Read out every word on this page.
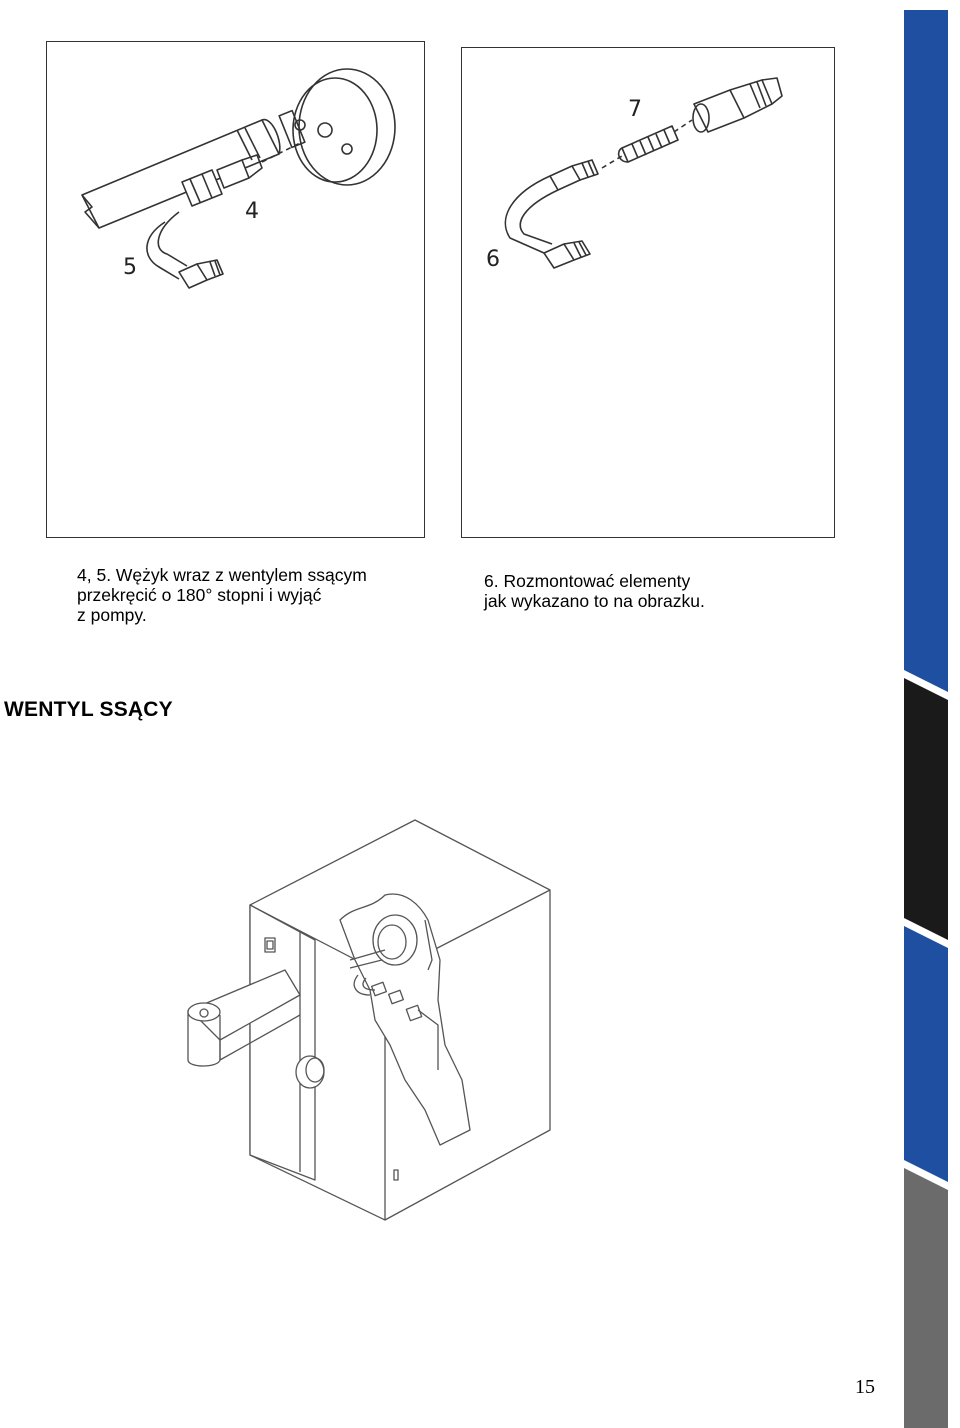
4
5
7
6

4, 5. Wężyk wraz z wentylem ssącym
przekręcić o 180° stopni i wyjąć
z pompy.

6. Rozmontować elementy
jak wykazano to na obrazku.

WENTYL SSĄCY
15
